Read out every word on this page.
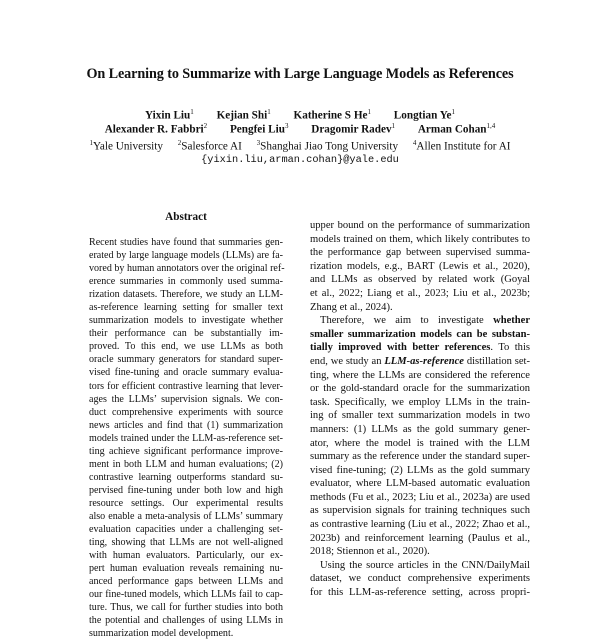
On Learning to Summarize with Large Language Models as References
Yixin Liu$^1$ Kejian Shi$^1$ Katherine S He$^1$ Longtian Ye$^1$
Alexander R. Fabbri$^2$ Pengfei Liu$^3$ Dragomir Radev$^1$ Arman Cohan$^{1,4}$
$^1$Yale University $^2$Salesforce AI $^3$Shanghai Jiao Tong University $^4$Allen Institute for AI
{yixin.liu,arman.cohan}@yale.edu
Abstract
Recent studies have found that summaries gen-
erated by large language models (LLMs) are fa-
vored by human annotators over the original ref-
erence summaries in commonly used summa-
rization datasets. Therefore, we study an LLM-
as-reference learning setting for smaller text
summarization models to investigate whether
their performance can be substantially im-
proved. To this end, we use LLMs as both
oracle summary generators for standard super-
vised fine-tuning and oracle summary evalua-
tors for efficient contrastive learning that lever-
ages the LLMs’ supervision signals. We con-
duct comprehensive experiments with source
news articles and find that (1) summarization
models trained under the LLM-as-reference set-
ting achieve significant performance improve-
ment in both LLM and human evaluations; (2)
contrastive learning outperforms standard su-
pervised fine-tuning under both low and high
resource settings. Our experimental results
also enable a meta-analysis of LLMs’ summary
evaluation capacities under a challenging set-
ting, showing that LLMs are not well-aligned
with human evaluators. Particularly, our ex-
pert human evaluation reveals remaining nu-
anced performance gaps between LLMs and
our fine-tuned models, which LLMs fail to cap-
ture. Thus, we call for further studies into both
the potential and challenges of using LLMs in
summarization model development.
upper bound on the performance of summarization
models trained on them, which likely contributes to
the performance gap between supervised summa-
rization models, e.g., BART (Lewis et al., 2020),
and LLMs as observed by related work (Goyal
et al., 2022; Liang et al., 2023; Liu et al., 2023b;
Zhang et al., 2024).
Therefore, we aim to investigate whether
smaller summarization models can be substan-
tially improved with better references. To this
end, we study an LLM-as-reference distillation set-
ting, where the LLMs are considered the reference
or the gold-standard oracle for the summarization
task. Specifically, we employ LLMs in the train-
ing of smaller text summarization models in two
manners: (1) LLMs as the gold summary gener-
ator, where the model is trained with the LLM
summary as the reference under the standard super-
vised fine-tuning; (2) LLMs as the gold summary
evaluator, where LLM-based automatic evaluation
methods (Fu et al., 2023; Liu et al., 2023a) are used
as supervision signals for training techniques such
as contrastive learning (Liu et al., 2022; Zhao et al.,
2023b) and reinforcement learning (Paulus et al.,
2018; Stiennon et al., 2020).
Using the source articles in the CNN/DailyMail
dataset, we conduct comprehensive experiments
for this LLM-as-reference setting, across propri-
